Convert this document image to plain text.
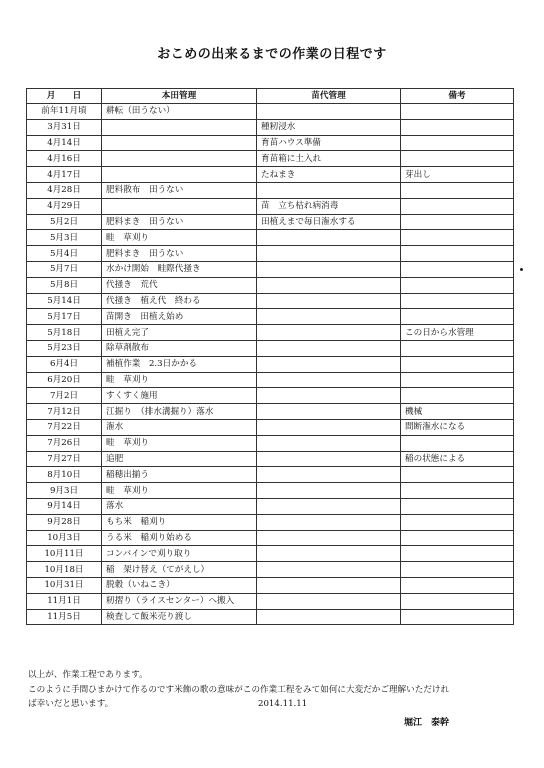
おこめの出来るまでの作業の日程です
月　　日	本田管理	苗代管理	備考
前年11月頃	耕転（田うない）		
3月31日		種籾浸水	
4月14日		育苗ハウス準備	
4月16日		育苗箱に土入れ	
4月17日		たねまき	芽出し
4月28日	肥料散布　田うない		
4月29日		苗　立ち枯れ病消毒	
5月2日	肥料まき　田うない	田植えまで毎日潅水する	
5月3日	畦　草刈り		
5月4日	肥料まき　田うない		
5月7日	水かけ開始　畦際代掻き		
5月8日	代掻き　荒代		
5月14日	代掻き　植え代　終わる		
5月17日	苗開き　田植え始め		
5月18日	田植え完了		この日から水管理
5月23日	除草剤散布		
6月4日	補植作業　2.3日かかる		
6月20日	畦　草刈り		
7月2日	すくすく施用		
7月12日	江掘り　（排水溝掘り）落水		機械
7月22日	潅水		間断潅水になる
7月26日	畦　草刈り		
7月27日	追肥		稲の状態による
8月10日	稲穂出揃う		
9月3日	畦　草刈り		
9月14日	落水		
9月28日	もち米　稲刈り		
10月3日	うる米　稲刈り始める		
10月11日	コンバインで刈り取り		
10月18日	稲　架け替え（てがえし）		
10月31日	脱穀（いねこき）		
11月1日	籾摺り（ライスセンター）へ搬入		
11月5日	検査して飯米売り渡し		

以上が、作業工程であります。

このように手間ひまかけて作るのです米飾の歌の意味がこの作業工程をみて如何に大変だかご理解いただけれ

ば幸いだと思います。	2014.11.11
堀江　泰幹
